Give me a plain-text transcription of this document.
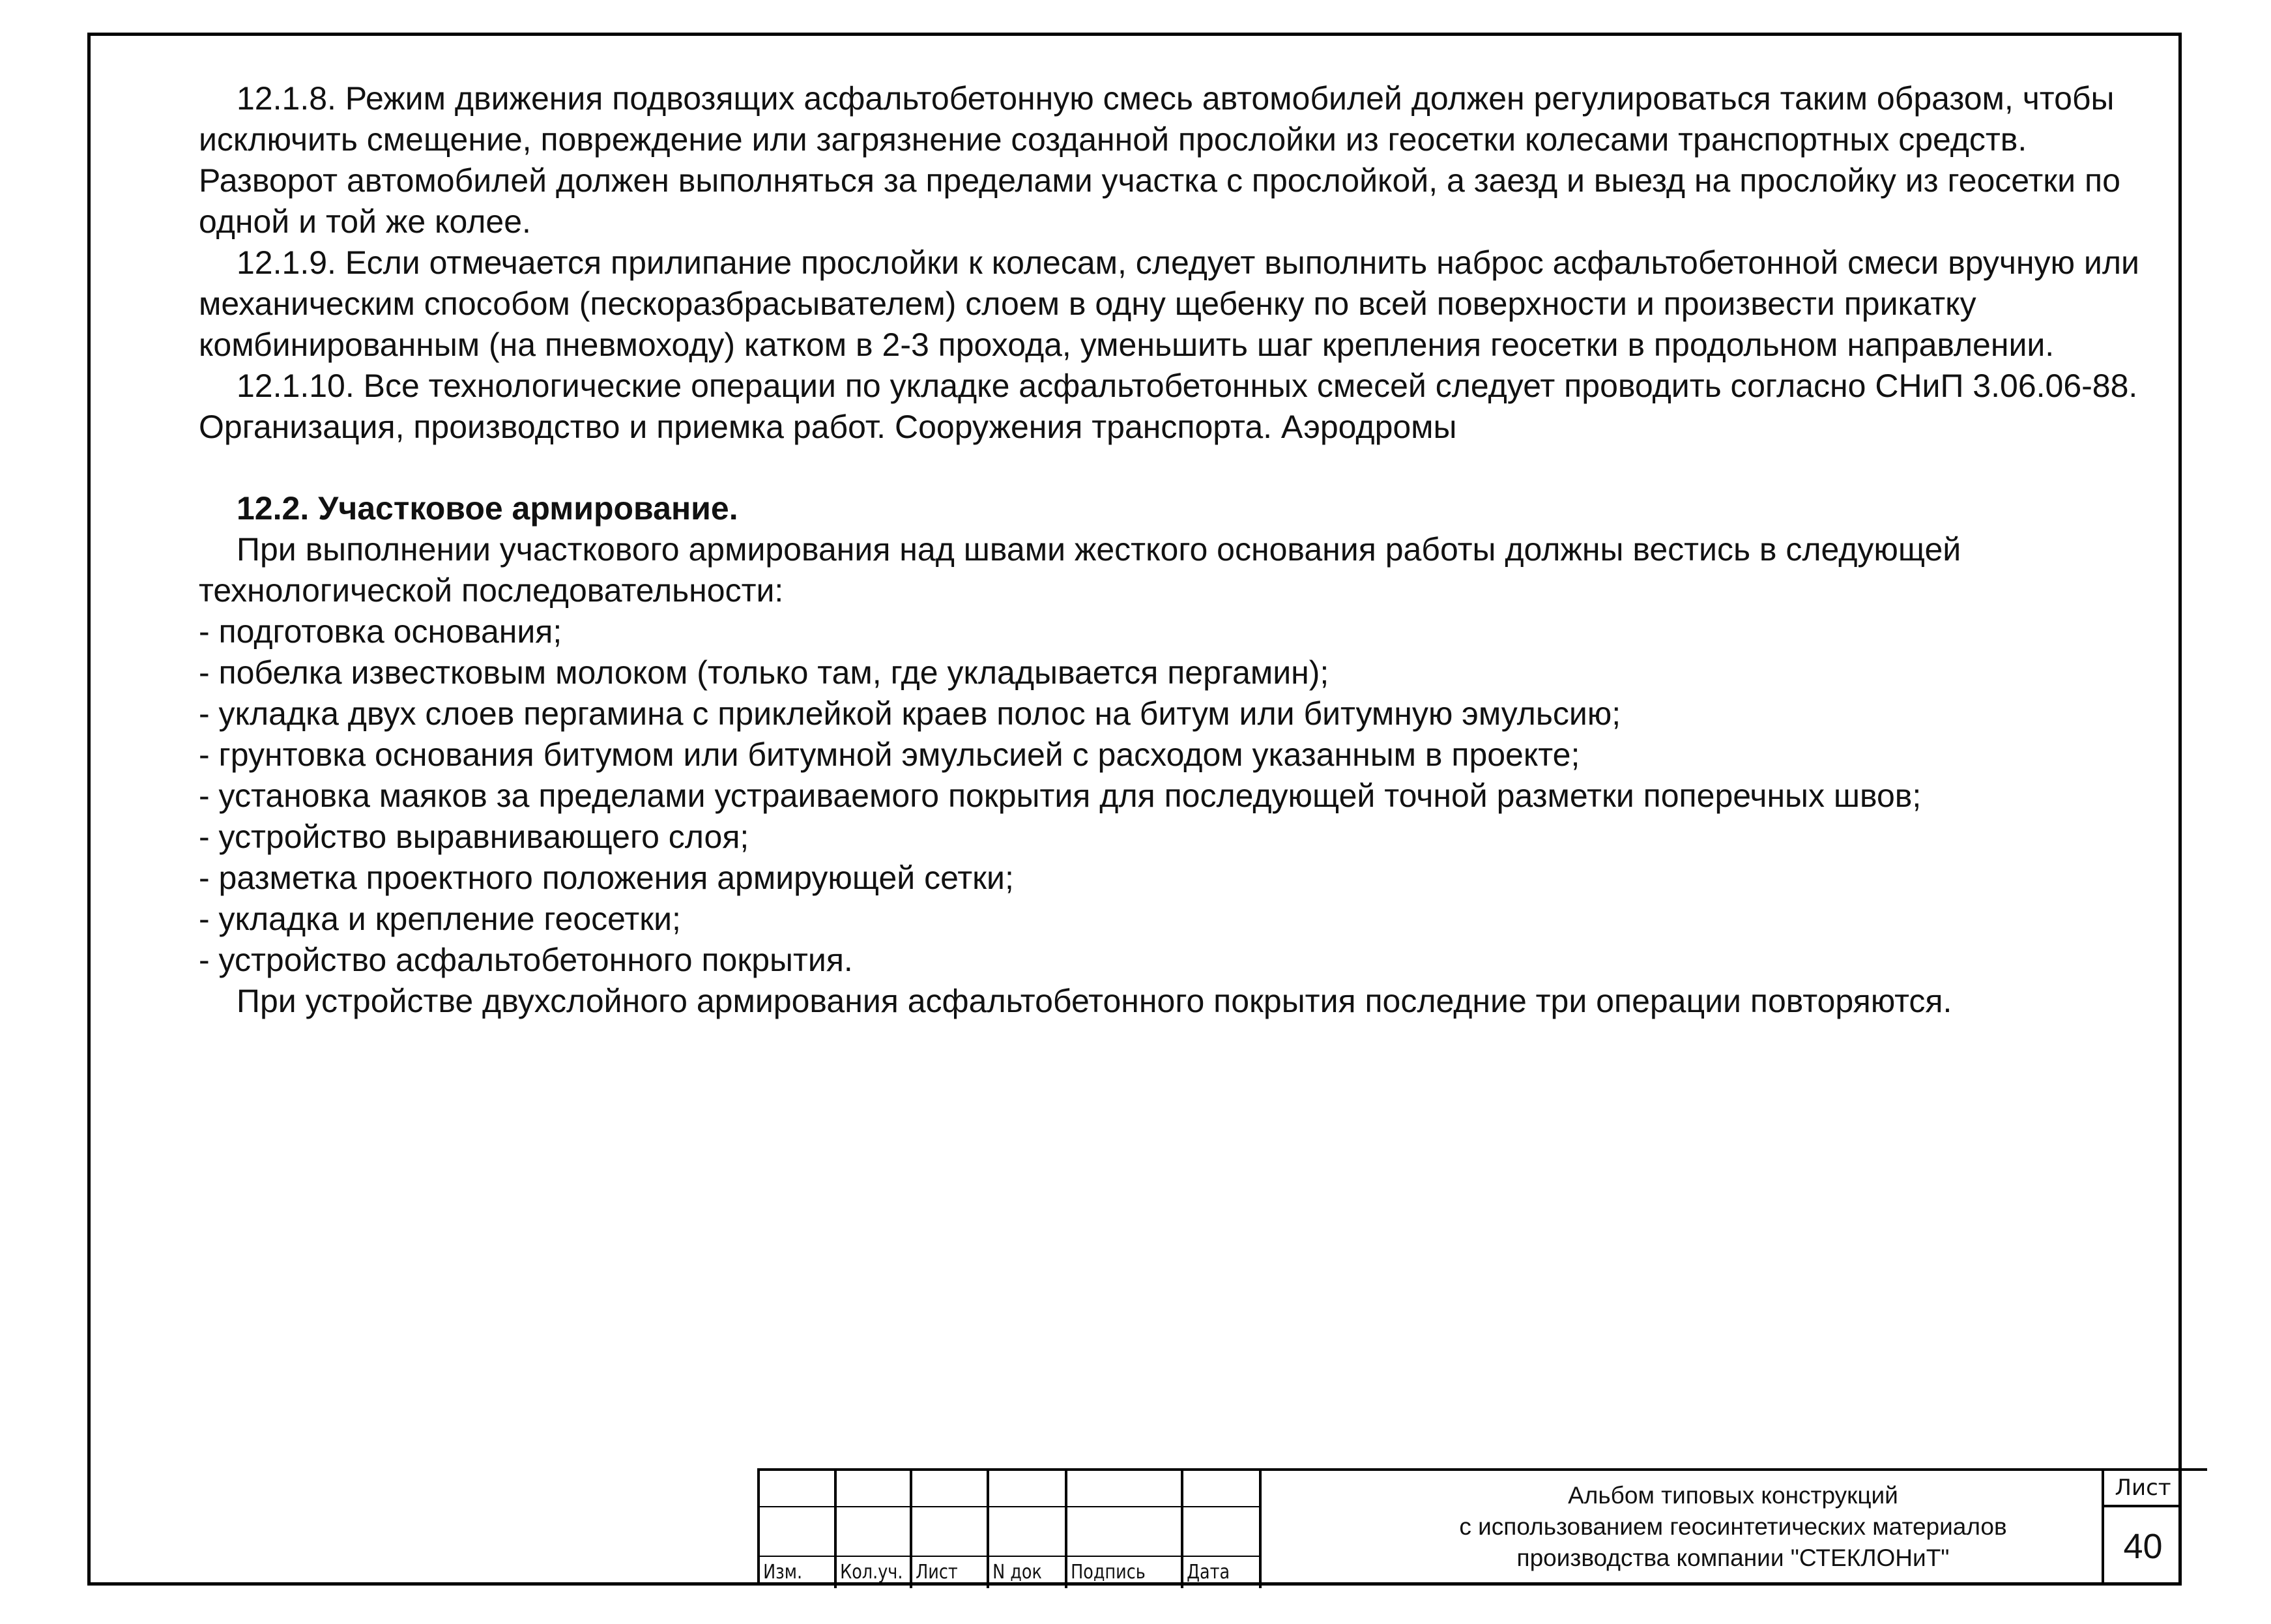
12.1.8. Режим движения подвозящих асфальтобетонную смесь автомобилей должен регулироваться таким образом, чтобы исключить смещение, повреждение или загрязнение созданной прослойки из геосетки колесами транспортных средств. Разворот автомобилей должен выполняться за пределами участка с прослойкой, а заезд и выезд на прослойку из геосетки по одной и той же колее.

12.1.9. Если отмечается прилипание прослойки к колесам, следует выполнить наброс асфальтобетонной смеси вручную или механическим способом (пескоразбрасывателем) слоем в одну щебенку по всей поверхности и произвести прикатку комбинированным (на пневмоходу) катком в 2-3 прохода, уменьшить шаг крепления геосетки в продольном направлении.

12.1.10. Все технологические операции по укладке асфальтобетонных смесей следует проводить согласно СНиП 3.06.06-88. Организация, производство и приемка работ. Сооружения транспорта. Аэродромы

12.2. Участковое армирование.

При выполнении участкового армирования над швами жесткого основания работы должны вестись в следующей технологической последовательности:

- подготовка основания;
- побелка известковым молоком (только там, где укладывается пергамин);
- укладка двух слоев пергамина с приклейкой краев полос на битум или битумную эмульсию;
- грунтовка основания битумом или битумной эмульсией с расходом указанным в проекте;
- установка маяков за пределами устраиваемого покрытия для последующей точной разметки поперечных швов;
- устройство выравнивающего слоя;
- разметка проектного положения армирующей сетки;
- укладка и крепление геосетки;
- устройство асфальтобетонного покрытия.

При устройстве двухслойного армирования асфальтобетонного покрытия последние три операции повторяются.

Изм.	Кол.уч. Лист	N док	Подпись	Дата
Альбом типовых конструкций
с использованием геосинтетических материалов
производства компании "СТЕКЛОНиТ"
Лист
40
